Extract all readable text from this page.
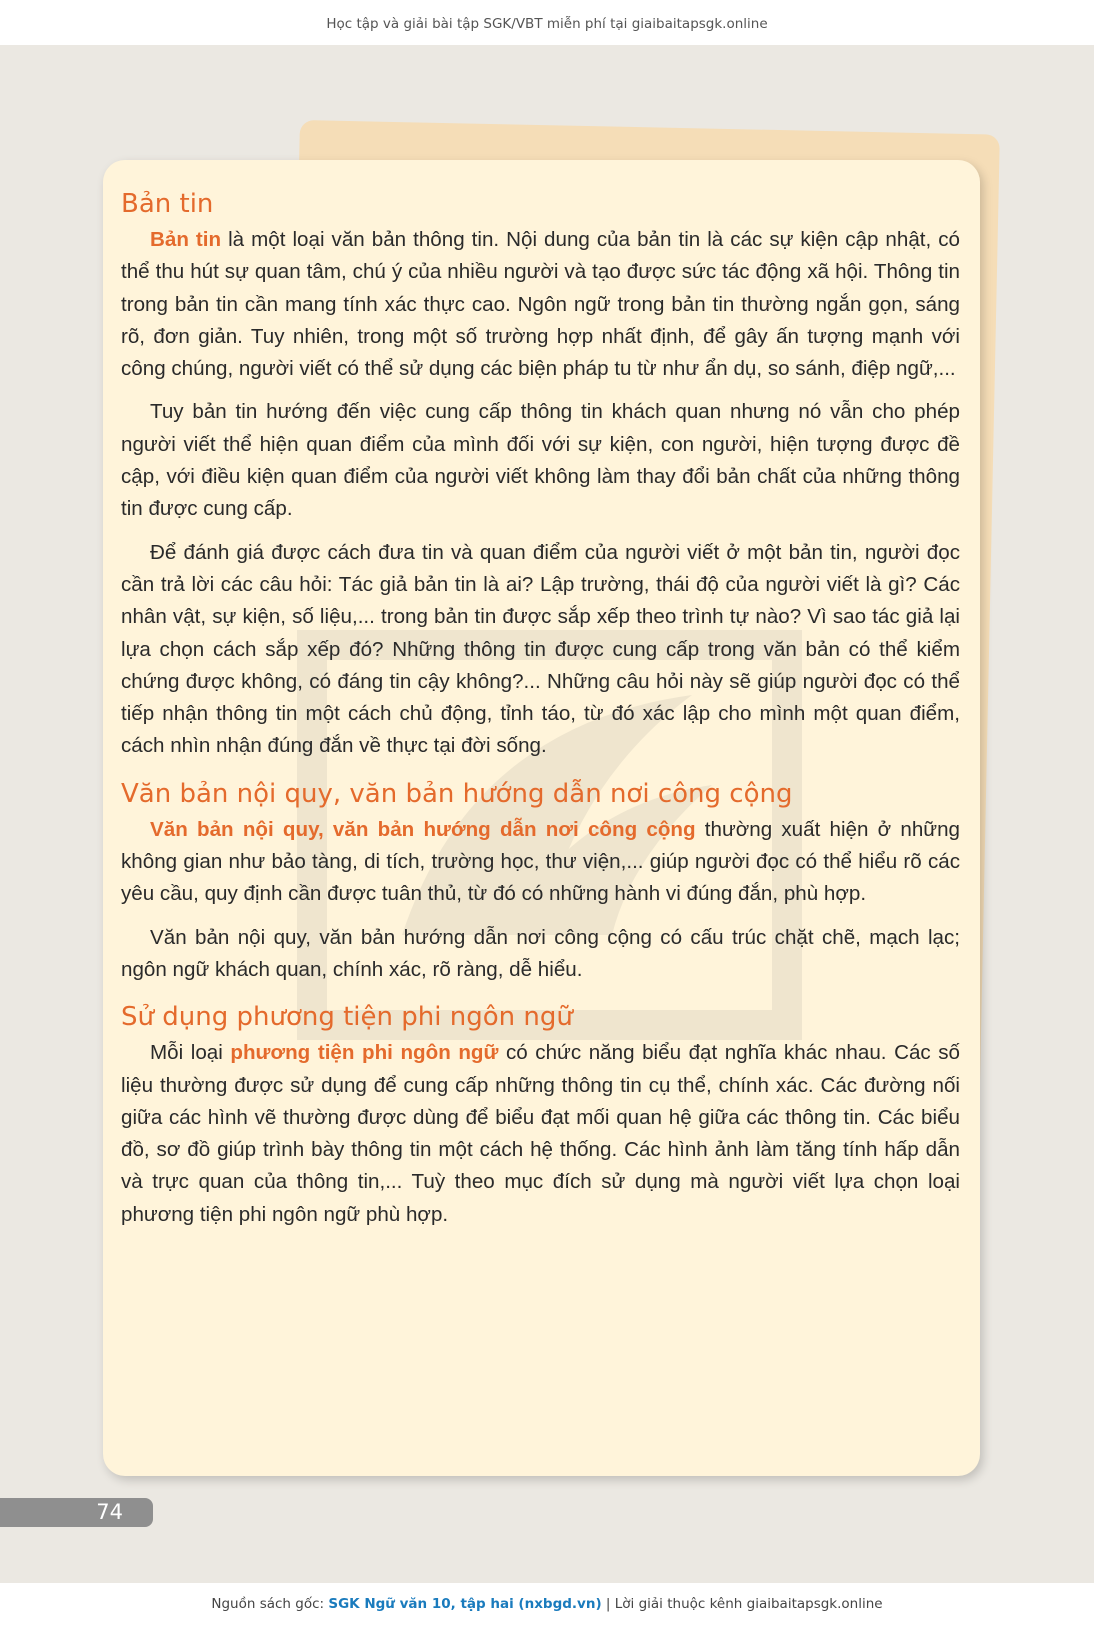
Học tập và giải bài tập SGK/VBT miễn phí tại giaibaitapsgk.online
Bản tin

Bản tin là một loại văn bản thông tin. Nội dung của bản tin là các sự kiện cập nhật, có thể thu hút sự quan tâm, chú ý của nhiều người và tạo được sức tác động xã hội. Thông tin trong bản tin cần mang tính xác thực cao. Ngôn ngữ trong bản tin thường ngắn gọn, sáng rõ, đơn giản. Tuy nhiên, trong một số trường hợp nhất định, để gây ấn tượng mạnh với công chúng, người viết có thể sử dụng các biện pháp tu từ như ẩn dụ, so sánh, điệp ngữ,...

Tuy bản tin hướng đến việc cung cấp thông tin khách quan nhưng nó vẫn cho phép người viết thể hiện quan điểm của mình đối với sự kiện, con người, hiện tượng được đề cập, với điều kiện quan điểm của người viết không làm thay đổi bản chất của những thông tin được cung cấp.

Để đánh giá được cách đưa tin và quan điểm của người viết ở một bản tin, người đọc cần trả lời các câu hỏi: Tác giả bản tin là ai? Lập trường, thái độ của người viết là gì? Các nhân vật, sự kiện, số liệu,... trong bản tin được sắp xếp theo trình tự nào? Vì sao tác giả lại lựa chọn cách sắp xếp đó? Những thông tin được cung cấp trong văn bản có thể kiểm chứng được không, có đáng tin cậy không?... Những câu hỏi này sẽ giúp người đọc có thể tiếp nhận thông tin một cách chủ động, tỉnh táo, từ đó xác lập cho mình một quan điểm, cách nhìn nhận đúng đắn về thực tại đời sống.

Văn bản nội quy, văn bản hướng dẫn nơi công cộng

Văn bản nội quy, văn bản hướng dẫn nơi công cộng thường xuất hiện ở những không gian như bảo tàng, di tích, trường học, thư viện,... giúp người đọc có thể hiểu rõ các yêu cầu, quy định cần được tuân thủ, từ đó có những hành vi đúng đắn, phù hợp.

Văn bản nội quy, văn bản hướng dẫn nơi công cộng có cấu trúc chặt chẽ, mạch lạc; ngôn ngữ khách quan, chính xác, rõ ràng, dễ hiểu.

Sử dụng phương tiện phi ngôn ngữ

Mỗi loại phương tiện phi ngôn ngữ có chức năng biểu đạt nghĩa khác nhau. Các số liệu thường được sử dụng để cung cấp những thông tin cụ thể, chính xác. Các đường nối giữa các hình vẽ thường được dùng để biểu đạt mối quan hệ giữa các thông tin. Các biểu đồ, sơ đồ giúp trình bày thông tin một cách hệ thống. Các hình ảnh làm tăng tính hấp dẫn và trực quan của thông tin,... Tuỳ theo mục đích sử dụng mà người viết lựa chọn loại phương tiện phi ngôn ngữ phù hợp.

74
Nguồn sách gốc: SGK Ngữ văn 10, tập hai (nxbgd.vn) | Lời giải thuộc kênh giaibaitapsgk.online
